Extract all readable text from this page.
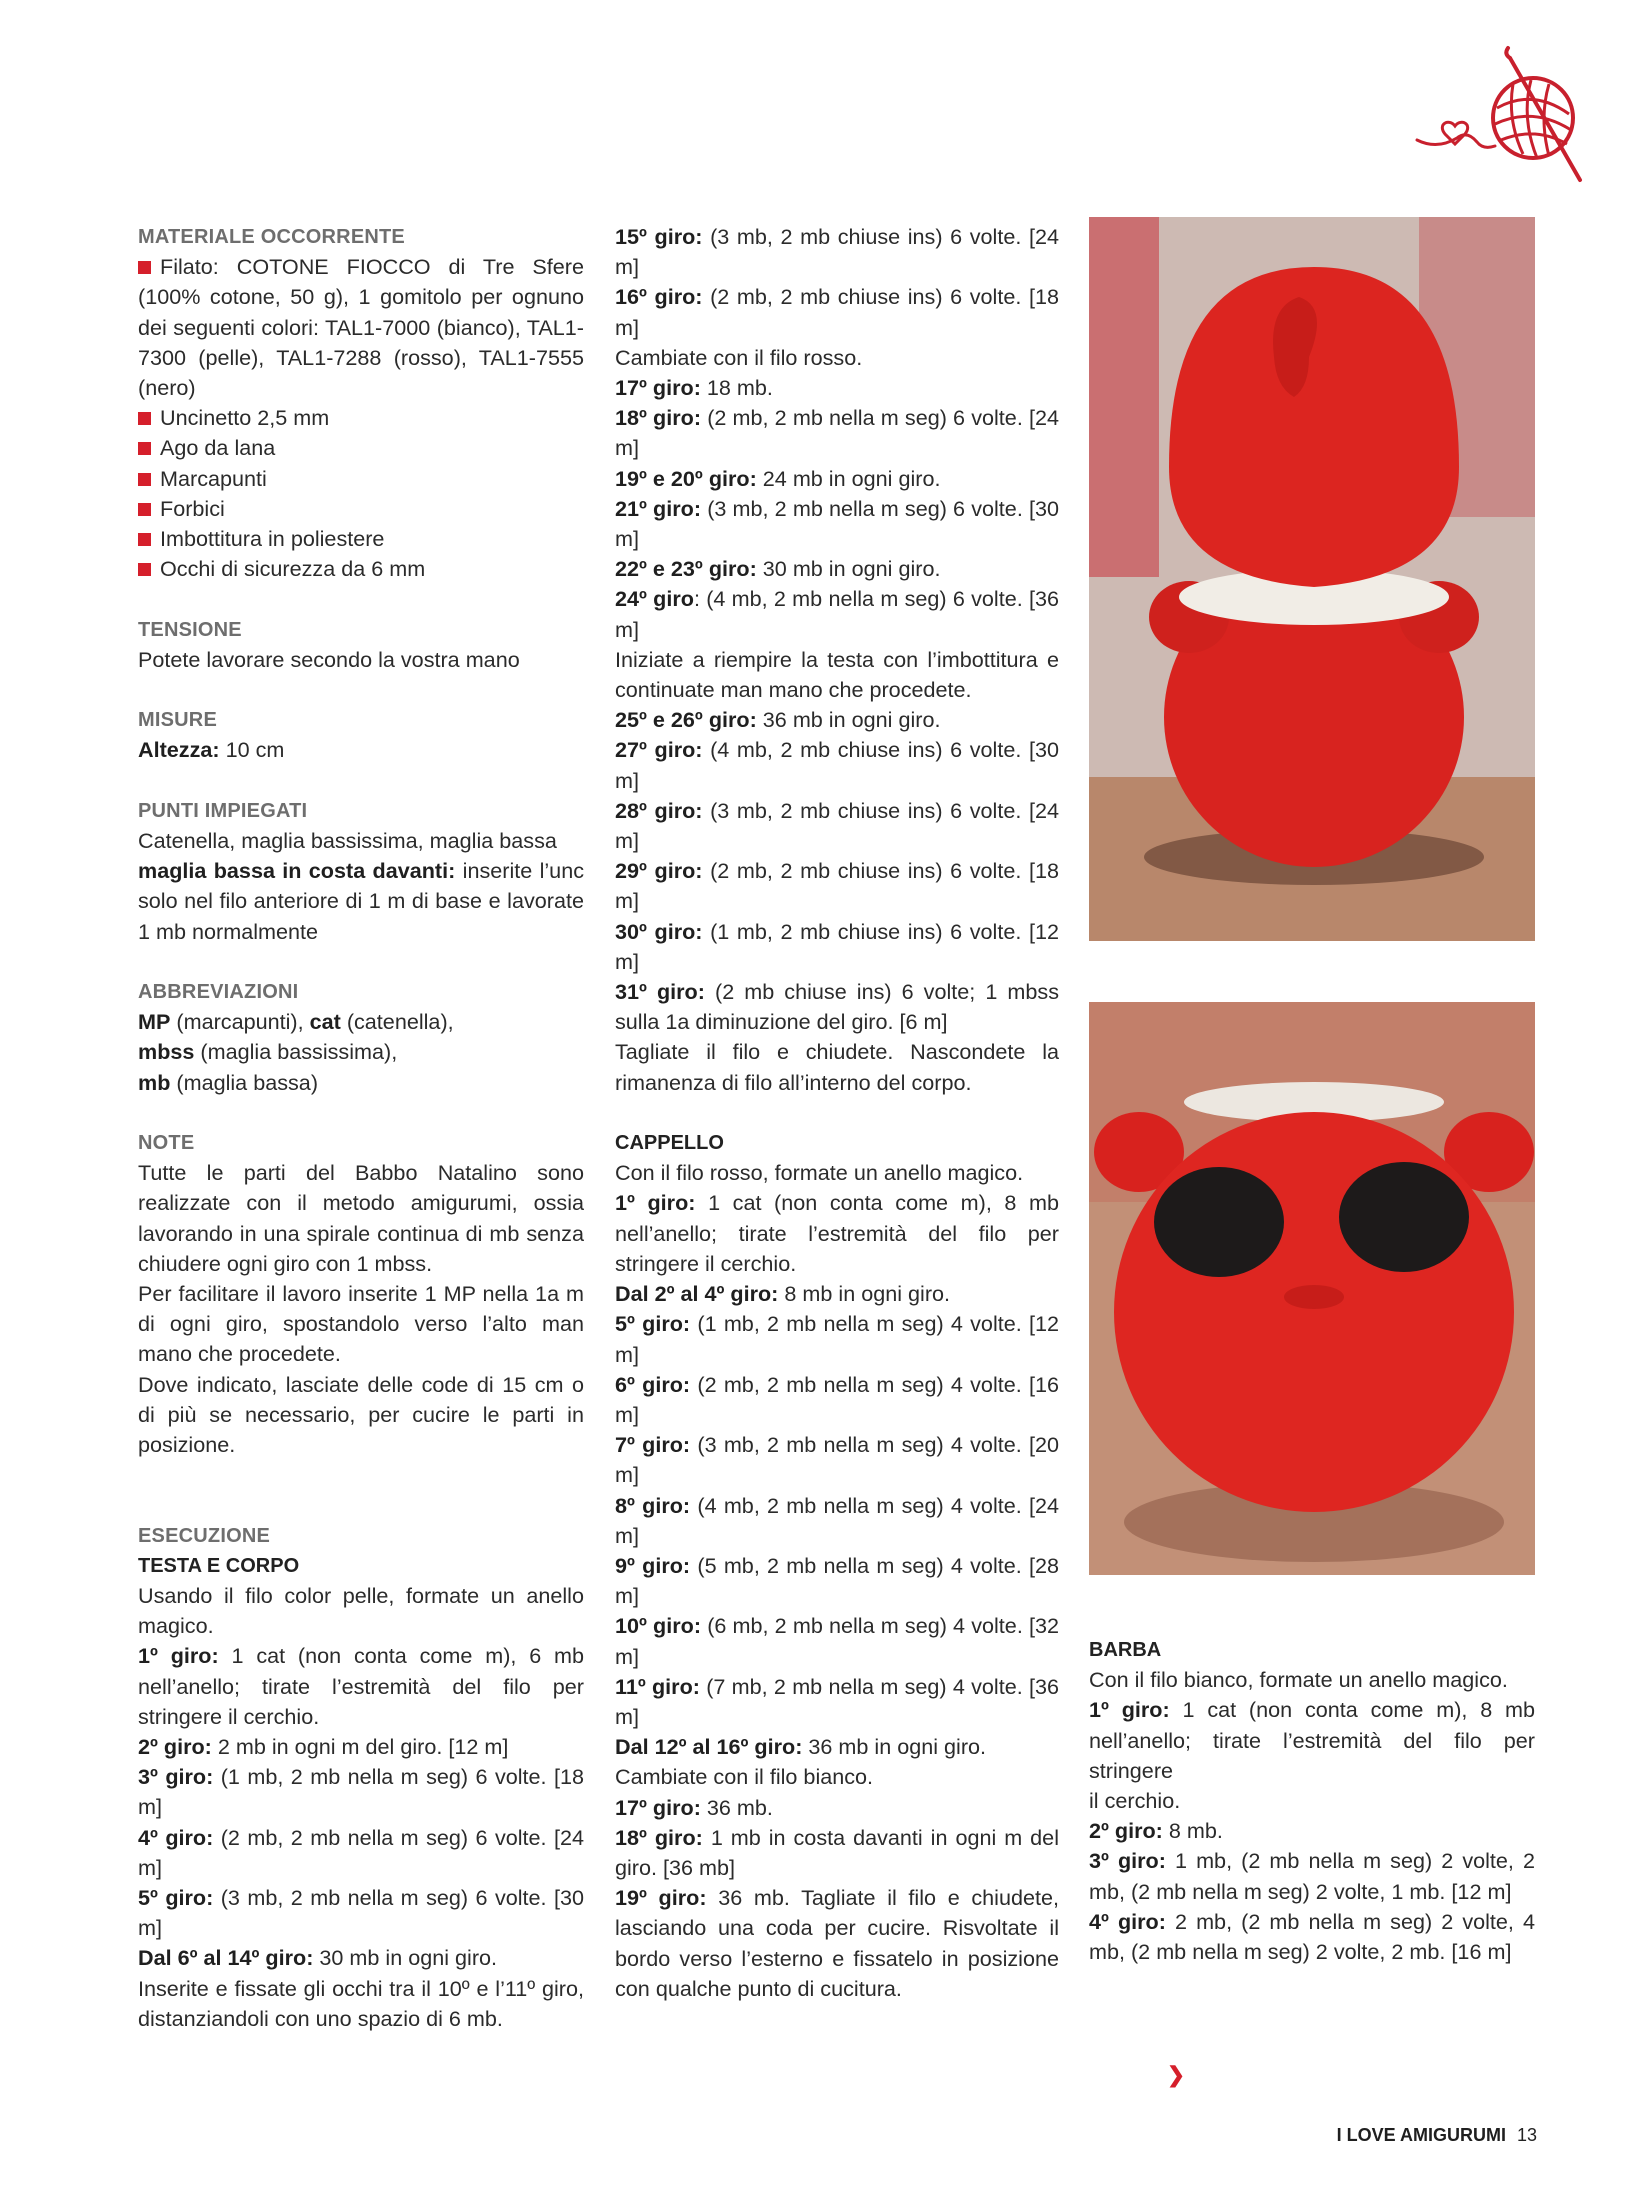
MATERIALE OCCORRENTE

Filato: COTONE FIOCCO di Tre Sfere (100% cotone, 50 g), 1 gomitolo per ognuno dei seguenti colori: TAL1-7000 (bianco), TAL1-7300 (pelle), TAL1-7288 (rosso), TAL1-7555 (nero)

Uncinetto 2,5 mm

Ago da lana

Marcapunti

Forbici

Imbottitura in poliestere

Occhi di sicurezza da 6 mm

TENSIONE

Potete lavorare secondo la vostra mano

MISURE

Altezza: 10 cm

PUNTI IMPIEGATI

Catenella, maglia bassissima, maglia bassa

maglia bassa in costa davanti: inserite l’unc solo nel filo anteriore di 1 m di base e lavorate 1 mb normalmente

ABBREVIAZIONI

MP (marcapunti), cat (catenella),

mbss (maglia bassissima),

mb (maglia bassa)

NOTE

Tutte le parti del Babbo Natalino sono realizzate con il metodo amigurumi, ossia lavorando in una spirale continua di mb senza chiudere ogni giro con 1 mbss.

Per facilitare il lavoro inserite 1 MP nella 1a m di ogni giro, spostandolo verso l’alto man mano che procedete.

Dove indicato, lasciate delle code di 15 cm o di più se necessario, per cucire le parti in posizione.

ESECUZIONE

TESTA E CORPO

Usando il filo color pelle, formate un anello magico.

1º giro: 1 cat (non conta come m), 6 mb nell’anello; tirate l’estremità del filo per stringere il cerchio.

2º giro: 2 mb in ogni m del giro. [12 m]

3º giro: (1 mb, 2 mb nella m seg) 6 volte. [18 m]

4º giro: (2 mb, 2 mb nella m seg) 6 volte. [24 m]

5º giro: (3 mb, 2 mb nella m seg) 6 volte. [30 m]

Dal 6º al 14º giro: 30 mb in ogni giro.

Inserite e fissate gli occhi tra il 10º e l’11º giro, distanziandoli con uno spazio di 6 mb.

15º giro: (3 mb, 2 mb chiuse ins) 6 volte. [24 m]

16º giro: (2 mb, 2 mb chiuse ins) 6 volte. [18 m]

Cambiate con il filo rosso.

17º giro: 18 mb.

18º giro: (2 mb, 2 mb nella m seg) 6 volte. [24 m]

19º e 20º giro: 24 mb in ogni giro.

21º giro: (3 mb, 2 mb nella m seg) 6 volte. [30 m]

22º e 23º giro: 30 mb in ogni giro.

24º giro: (4 mb, 2 mb nella m seg) 6 volte. [36 m]

Iniziate a riempire la testa con l’imbottitura e continuate man mano che procedete.

25º e 26º giro: 36 mb in ogni giro.

27º giro: (4 mb, 2 mb chiuse ins) 6 volte. [30 m]

28º giro: (3 mb, 2 mb chiuse ins) 6 volte. [24 m]

29º giro: (2 mb, 2 mb chiuse ins) 6 volte. [18 m]

30º giro: (1 mb, 2 mb chiuse ins) 6 volte. [12 m]

31º giro: (2 mb chiuse ins) 6 volte; 1 mbss sulla 1a diminuzione del giro. [6 m]

Tagliate il filo e chiudete. Nascondete la rimanenza di filo all’interno del corpo.

CAPPELLO

Con il filo rosso, formate un anello magico.

1º giro: 1 cat (non conta come m), 8 mb nell’anello; tirate l’estremità del filo per stringere il cerchio.

Dal 2º al 4º giro: 8 mb in ogni giro.

5º giro: (1 mb, 2 mb nella m seg) 4 volte. [12 m]

6º giro: (2 mb, 2 mb nella m seg) 4 volte. [16 m]

7º giro: (3 mb, 2 mb nella m seg) 4 volte. [20 m]

8º giro: (4 mb, 2 mb nella m seg) 4 volte. [24 m]

9º giro: (5 mb, 2 mb nella m seg) 4 volte. [28 m]

10º giro: (6 mb, 2 mb nella m seg) 4 volte. [32 m]

11º giro: (7 mb, 2 mb nella m seg) 4 volte. [36 m]

Dal 12º al 16º giro: 36 mb in ogni giro.

Cambiate con il filo bianco.

17º giro: 36 mb.

18º giro: 1 mb in costa davanti in ogni m del giro. [36 mb]

19º giro: 36 mb. Tagliate il filo e chiudete, lasciando una coda per cucire. Risvoltate il bordo verso l’esterno e fissatelo in posizione con qualche punto di cucitura.

BARBA

Con il filo bianco, formate un anello magico.

1º giro: 1 cat (non conta come m), 8 mb nell’anello; tirate l’estremità del filo per stringere

il cerchio.

2º giro: 8 mb.

3º giro: 1 mb, (2 mb nella m seg) 2 volte, 2 mb, (2 mb nella m seg) 2 volte, 1 mb. [12 m]

4º giro: 2 mb, (2 mb nella m seg) 2 volte, 4 mb, (2 mb nella m seg) 2 volte, 2 mb. [16 m]

❯
I LOVE AMIGURUMI 13
